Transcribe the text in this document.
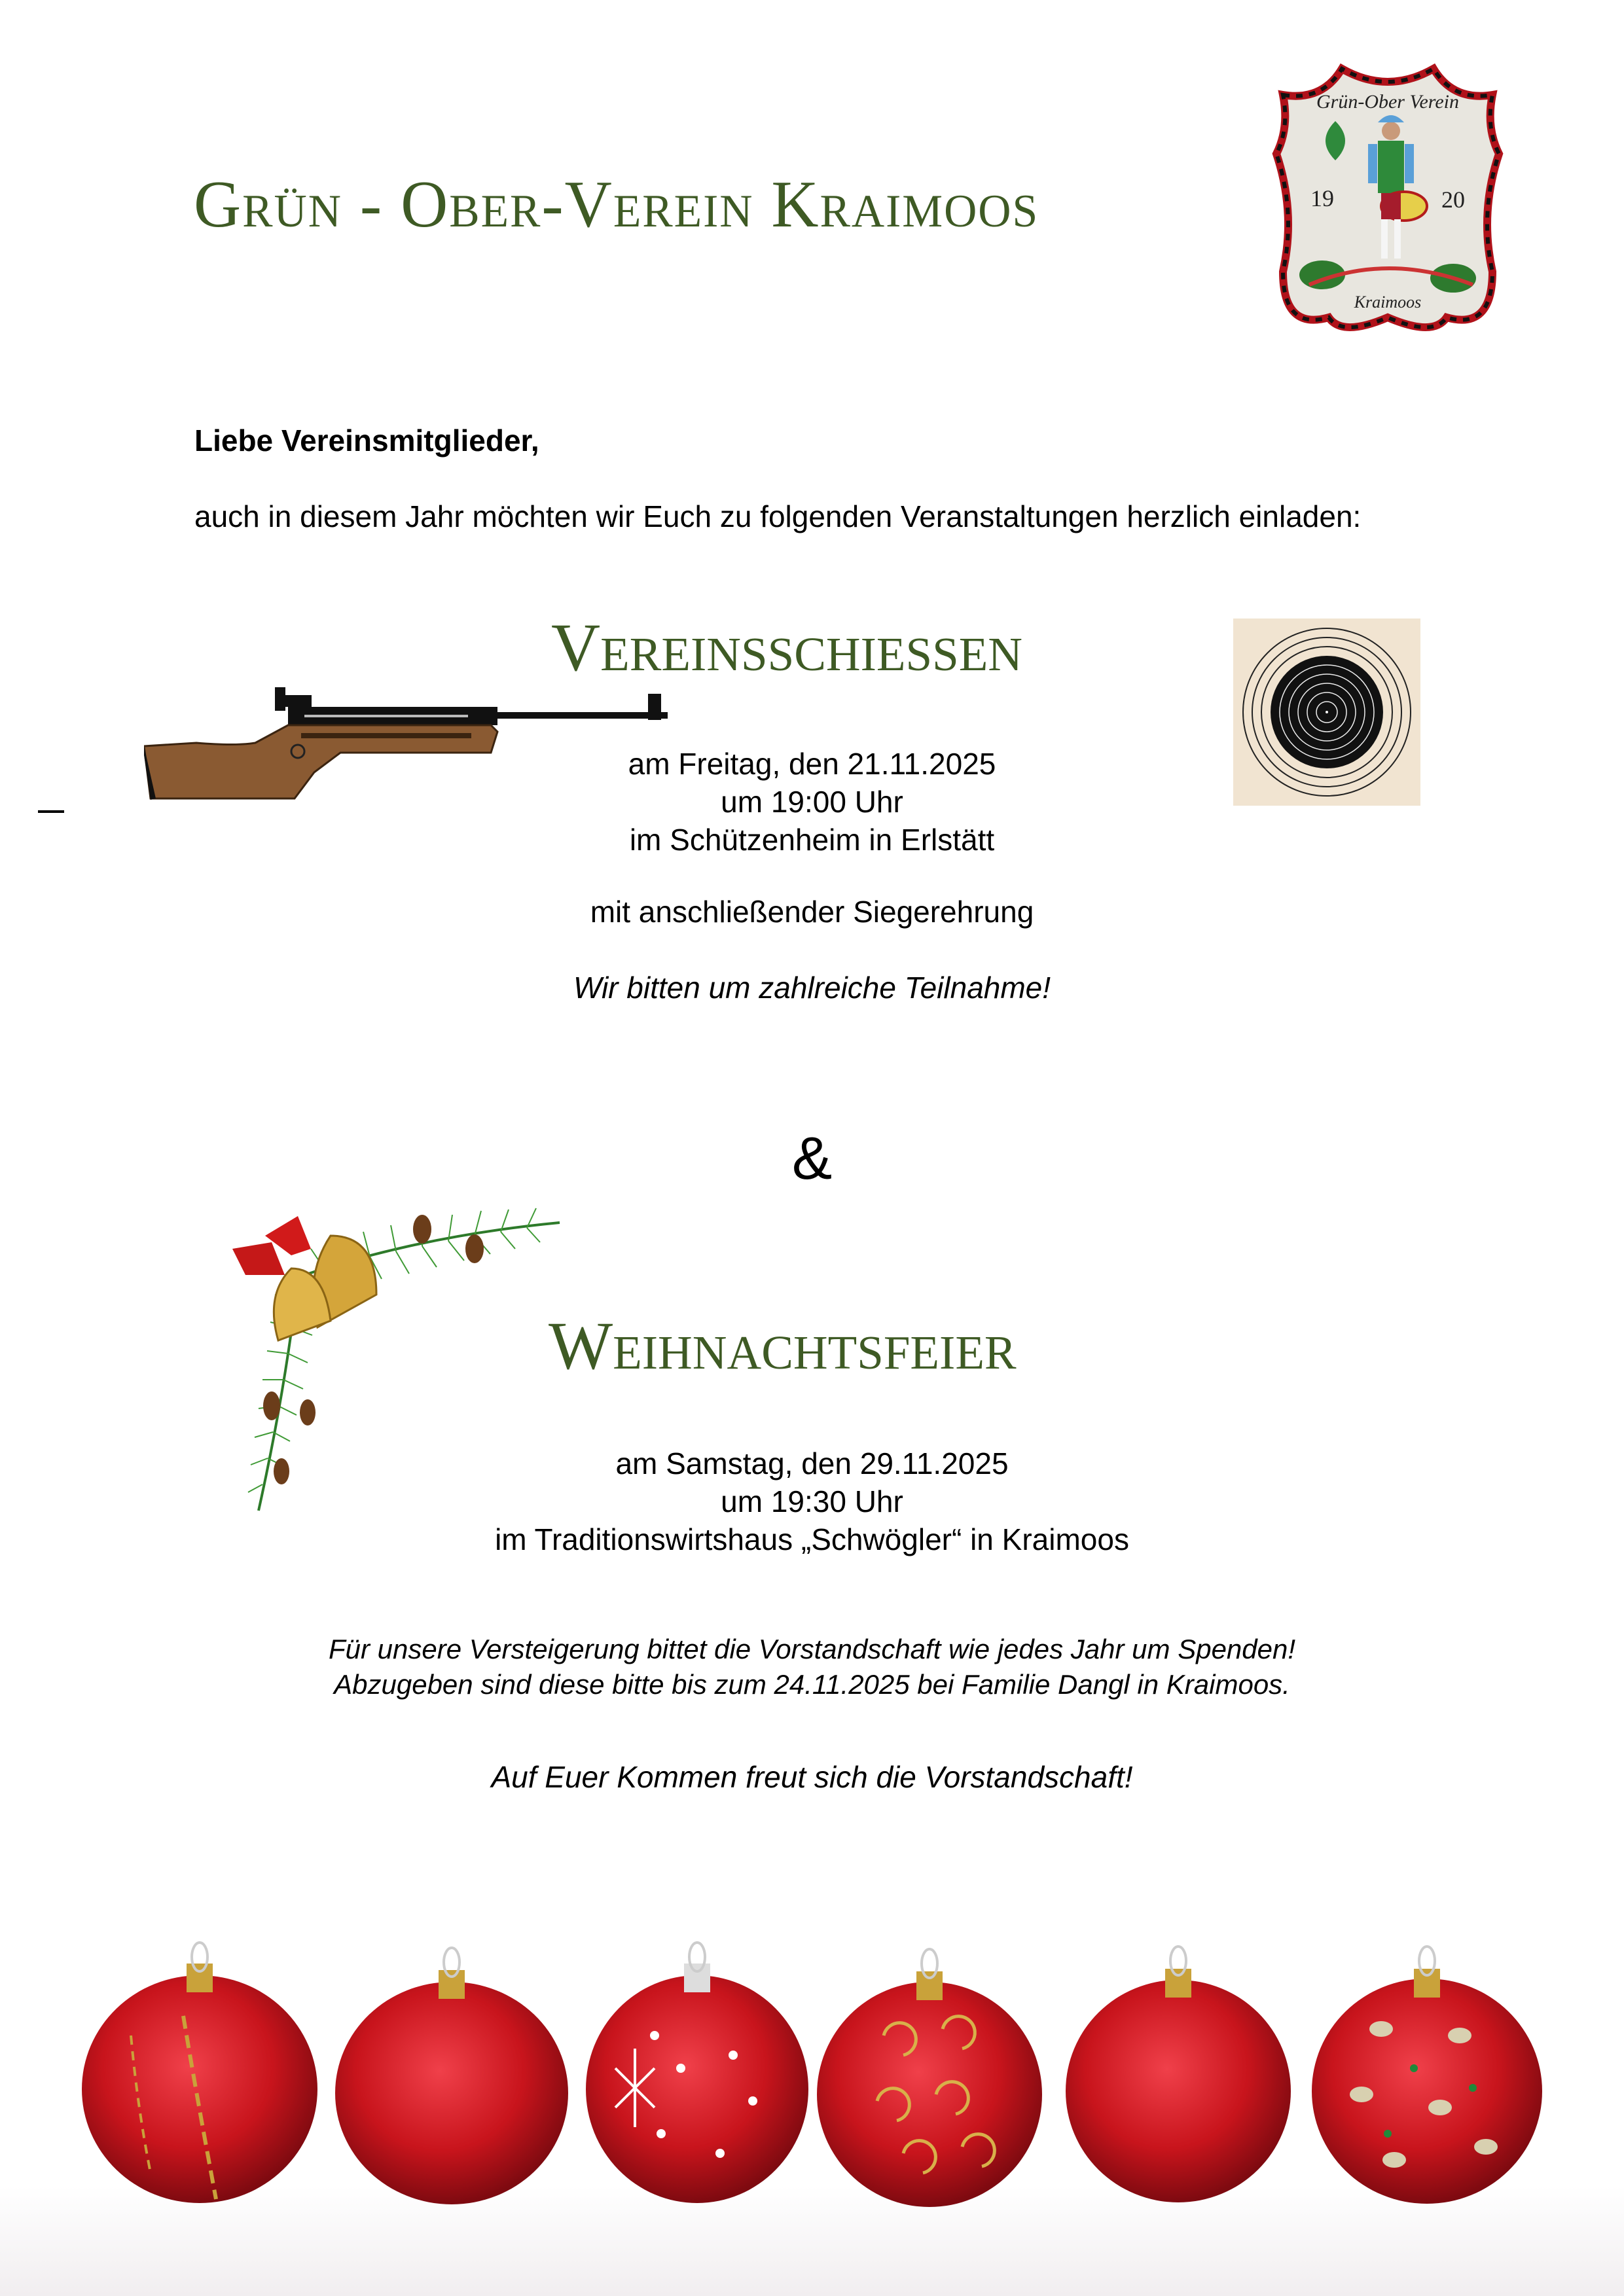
Grün - Ober-Verein Kraimoos
Grün-Ober Verein
19	20
Kraimoos
Liebe Vereinsmitglieder,
auch in diesem Jahr möchten wir Euch zu folgenden Veranstaltungen herzlich einladen:
Vereinsschiessen
am Freitag, den 21.11.2025
um 19:00 Uhr
im Schützenheim in Erlstätt
mit anschließender Siegerehrung
Wir bitten um zahlreiche Teilnahme!
&
Weihnachtsfeier
am Samstag, den 29.11.2025
um 19:30 Uhr
im Traditionswirtshaus „Schwögler“ in Kraimoos
Für unsere Versteigerung bittet die Vorstandschaft wie jedes Jahr um Spenden!
Abzugeben sind diese bitte bis zum 24.11.2025 bei Familie Dangl in Kraimoos.
Auf Euer Kommen freut sich die Vorstandschaft!
